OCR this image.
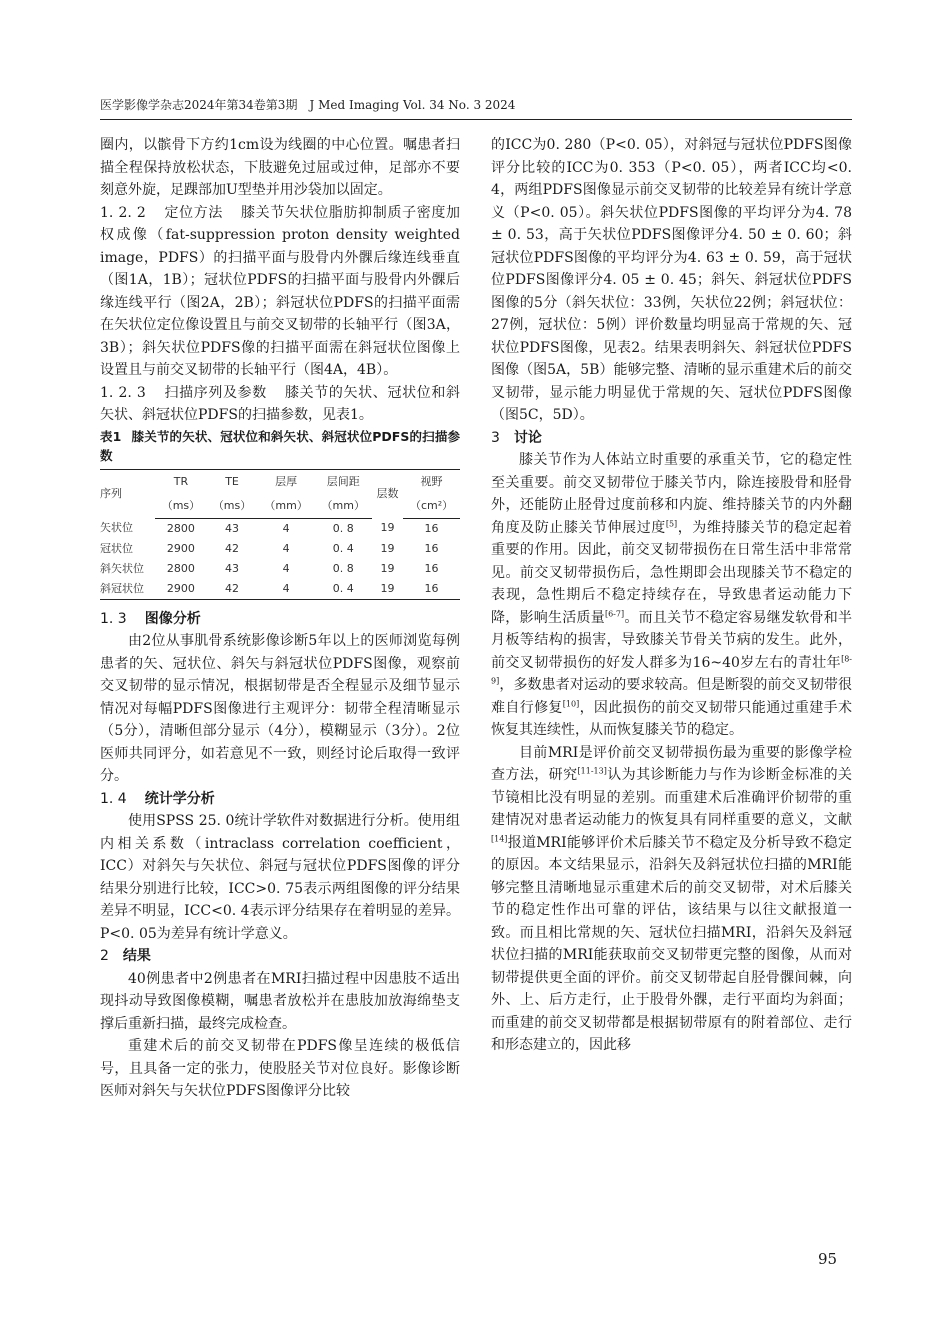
医学影像学杂志2024年第34卷第3期　J Med Imaging Vol. 34 No. 3 2024

圈内，以髌骨下方约1cm设为线圈的中心位置。嘱患者扫描全程保持放松状态，下肢避免过屈或过伸，足部亦不要刻意外旋，足踝部加U型垫并用沙袋加以固定。

1. 2. 2 定位方法 膝关节矢状位脂肪抑制质子密度加权成像（fat-suppression proton density weighted image，PDFS）的扫描平面与股骨内外髁后缘连线垂直（图1A，1B）；冠状位PDFS的扫描平面与股骨内外髁后缘连线平行（图2A，2B）；斜冠状位PDFS的扫描平面需在矢状位定位像设置且与前交叉韧带的长轴平行（图3A，3B）；斜矢状位PDFS像的扫描平面需在斜冠状位图像上设置且与前交叉韧带的长轴平行（图4A，4B）。

1. 2. 3 扫描序列及参数 膝关节的矢状、冠状位和斜矢状、斜冠状位PDFS的扫描参数，见表1。

表1 膝关节的矢状、冠状位和斜矢状、斜冠状位PDFS的扫描参数

序列	TR	TE	层厚	层间距	层数	视野
	（ms）	（ms）	（mm）	（mm）		（cm²）
矢状位	2800	43	4	0. 8	19	16
冠状位	2900	42	4	0. 4	19	16
斜矢状位	2800	43	4	0. 8	19	16
斜冠状位	2900	42	4	0. 4	19	16

1. 3 图像分析

由2位从事肌骨系统影像诊断5年以上的医师浏览每例患者的矢、冠状位、斜矢与斜冠状位PDFS图像，观察前交叉韧带的显示情况，根据韧带是否全程显示及细节显示情况对每幅PDFS图像进行主观评分：韧带全程清晰显示（5分），清晰但部分显示（4分），模糊显示（3分）。2位医师共同评分，如若意见不一致，则经讨论后取得一致评分。

1. 4 统计学分析

使用SPSS 25. 0统计学软件对数据进行分析。使用组内相关系数（intraclass correlation coefficient，ICC）对斜矢与矢状位、斜冠与冠状位PDFS图像的评分结果分别进行比较，ICC>0. 75表示两组图像的评分结果差异不明显，ICC<0. 4表示评分结果存在着明显的差异。P<0. 05为差异有统计学意义。

2 结果

40例患者中2例患者在MRI扫描过程中因患肢不适出现抖动导致图像模糊，嘱患者放松并在患肢加放海绵垫支撑后重新扫描，最终完成检查。

重建术后的前交叉韧带在PDFS像呈连续的极低信号，且具备一定的张力，使股胫关节对位良好。影像诊断医师对斜矢与矢状位PDFS图像评分比较

的ICC为0. 280（P<0. 05），对斜冠与冠状位PDFS图像评分比较的ICC为0. 353（P<0. 05），两者ICC均<0. 4，两组PDFS图像显示前交叉韧带的比较差异有统计学意义（P<0. 05）。斜矢状位PDFS图像的平均评分为4. 78 ± 0. 53，高于矢状位PDFS图像评分4. 50 ± 0. 60；斜冠状位PDFS图像的平均评分为4. 63 ± 0. 59，高于冠状位PDFS图像评分4. 05 ± 0. 45；斜矢、斜冠状位PDFS图像的5分（斜矢状位：33例，矢状位22例；斜冠状位：27例，冠状位：5例）评价数量均明显高于常规的矢、冠状位PDFS图像，见表2。结果表明斜矢、斜冠状位PDFS图像（图5A，5B）能够完整、清晰的显示重建术后的前交叉韧带，显示能力明显优于常规的矢、冠状位PDFS图像（图5C，5D）。

3 讨论

膝关节作为人体站立时重要的承重关节，它的稳定性至关重要。前交叉韧带位于膝关节内，除连接股骨和胫骨外，还能防止胫骨过度前移和内旋、维持膝关节的内外翻角度及防止膝关节伸展过度[5]，为维持膝关节的稳定起着重要的作用。因此，前交叉韧带损伤在日常生活中非常常见。前交叉韧带损伤后，急性期即会出现膝关节不稳定的表现，急性期后不稳定持续存在，导致患者运动能力下降，影响生活质量[6-7]。而且关节不稳定容易继发软骨和半月板等结构的损害，导致膝关节骨关节病的发生。此外，前交叉韧带损伤的好发人群多为16~40岁左右的青壮年[8-9]，多数患者对运动的要求较高。但是断裂的前交叉韧带很难自行修复[10]，因此损伤的前交叉韧带只能通过重建手术恢复其连续性，从而恢复膝关节的稳定。

目前MRI是评价前交叉韧带损伤最为重要的影像学检查方法，研究[11-13]认为其诊断能力与作为诊断金标准的关节镜相比没有明显的差别。而重建术后准确评价韧带的重建情况对患者运动能力的恢复具有同样重要的意义，文献[14]报道MRI能够评价术后膝关节不稳定及分析导致不稳定的原因。本文结果显示，沿斜矢及斜冠状位扫描的MRI能够完整且清晰地显示重建术后的前交叉韧带，对术后膝关节的稳定性作出可靠的评估，该结果与以往文献报道一致。而且相比常规的矢、冠状位扫描MRI，沿斜矢及斜冠状位扫描的MRI能获取前交叉韧带更完整的图像，从而对韧带提供更全面的评价。前交叉韧带起自胫骨髁间棘，向外、上、后方走行，止于股骨外髁，走行平面均为斜面；而重建的前交叉韧带都是根据韧带原有的附着部位、走行和形态建立的，因此移

95
